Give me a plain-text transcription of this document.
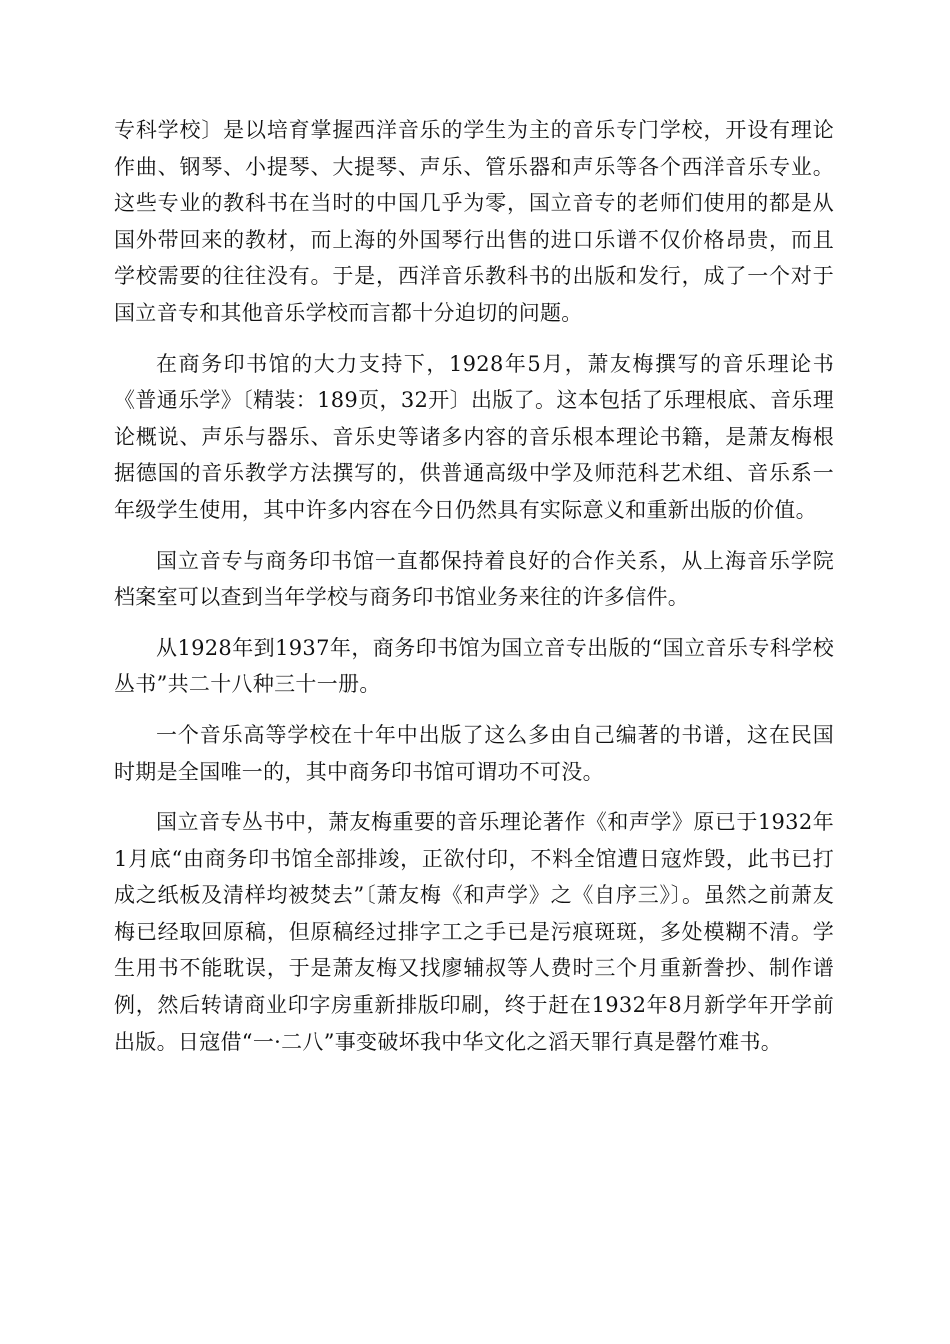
专科学校〕是以培育掌握西洋音乐的学生为主的音乐专门学校，开设有理论作曲、钢琴、小提琴、大提琴、声乐、管乐器和声乐等各个西洋音乐专业。这些专业的教科书在当时的中国几乎为零，国立音专的老师们使用的都是从国外带回来的教材，而上海的外国琴行出售的进口乐谱不仅价格昂贵，而且学校需要的往往没有。于是，西洋音乐教科书的出版和发行，成了一个对于国立音专和其他音乐学校而言都十分迫切的问题。

在商务印书馆的大力支持下，1928年5月，萧友梅撰写的音乐理论书《普通乐学》〔精装：189页，32开〕出版了。这本包括了乐理根底、音乐理论概说、声乐与器乐、音乐史等诸多内容的音乐根本理论书籍，是萧友梅根据德国的音乐教学方法撰写的，供普通高级中学及师范科艺术组、音乐系一年级学生使用，其中许多内容在今日仍然具有实际意义和重新出版的价值。

国立音专与商务印书馆一直都保持着良好的合作关系，从上海音乐学院档案室可以查到当年学校与商务印书馆业务来往的许多信件。

从1928年到1937年，商务印书馆为国立音专出版的“国立音乐专科学校丛书”共二十八种三十一册。

一个音乐高等学校在十年中出版了这么多由自己编著的书谱，这在民国时期是全国唯一的，其中商务印书馆可谓功不可没。

国立音专丛书中，萧友梅重要的音乐理论著作《和声学》原已于1932年1月底“由商务印书馆全部排竣，正欲付印，不料全馆遭日寇炸毁，此书已打成之纸板及清样均被焚去”〔萧友梅《和声学》之《自序三》〕。虽然之前萧友梅已经取回原稿，但原稿经过排字工之手已是污痕斑斑，多处模糊不清。学生用书不能耽误，于是萧友梅又找廖辅叔等人费时三个月重新誊抄、制作谱例，然后转请商业印字房重新排版印刷，终于赶在1932年8月新学年开学前出版。日寇借“一·二八”事变破坏我中华文化之滔天罪行真是罄竹难书。
